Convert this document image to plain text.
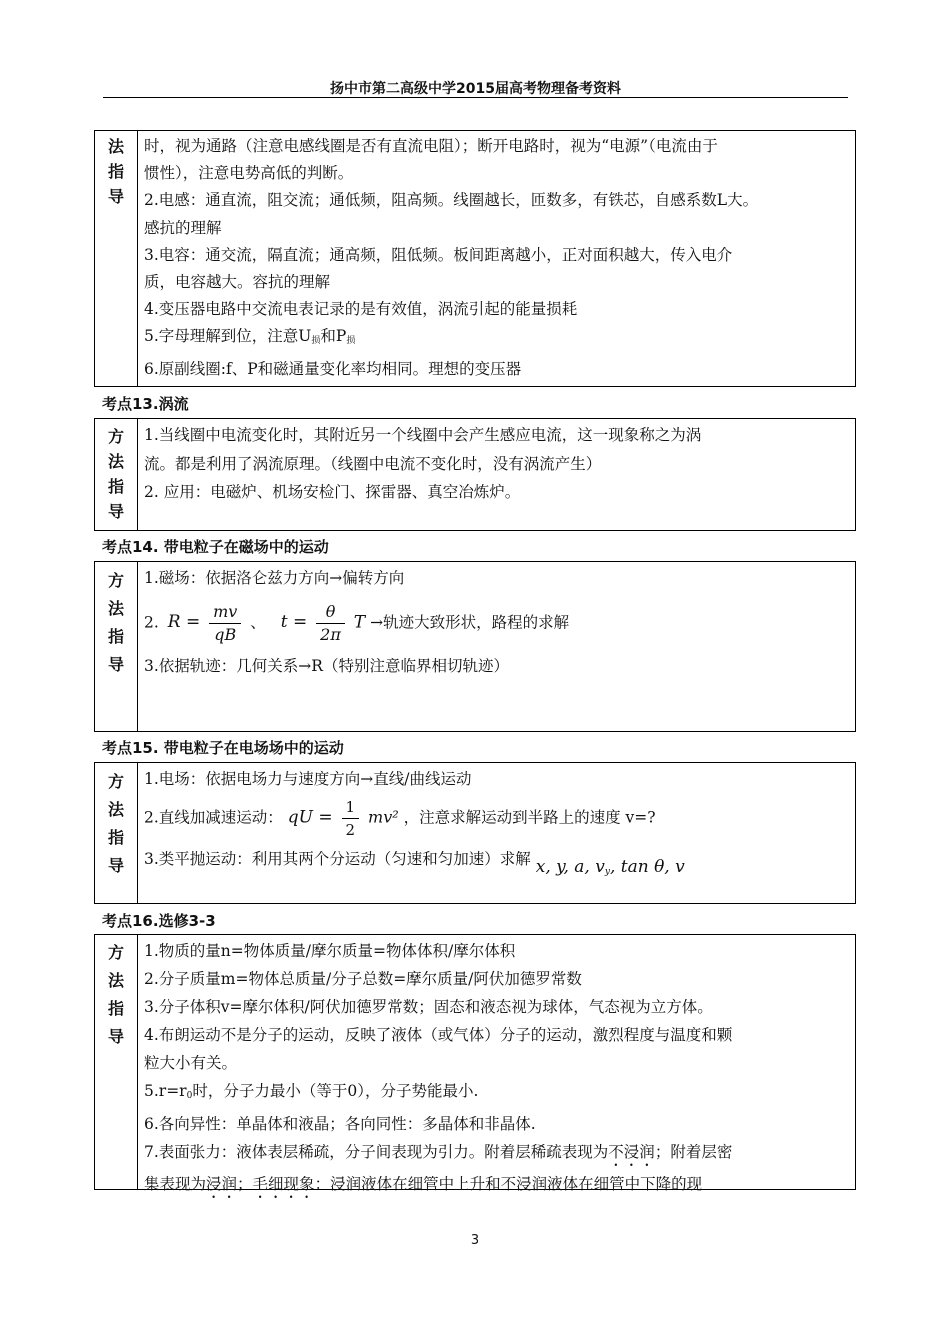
扬中市第二高级中学2015届高考物理备考资料
法
指
导
时，视为通路（注意电感线圈是否有直流电阻）；断开电路时，视为“电源”（电流由于
惯性），注意电势高低的判断。
2.电感：通直流，阻交流；通低频，阻高频。线圈越长，匝数多，有铁芯，自感系数L大。
感抗的理解
3.电容：通交流，隔直流；通高频，阻低频。板间距离越小，正对面积越大，传入电介
质，电容越大。容抗的理解
4.变压器电路中交流电表记录的是有效值，涡流引起的能量损耗
5.字母理解到位，注意$U_损$和$P_损$
6.原副线圈:f、P和磁通量变化率均相同。理想的变压器
考点13.涡流
方
法
指
导
1.当线圈中电流变化时，其附近另一个线圈中会产生感应电流，这一现象称之为涡
流。都是利用了涡流原理。（线圈中电流不变化时，没有涡流产生）
2. 应用：电磁炉、机场安检门、探雷器、真空冶炼炉。
考点14. 带电粒子在磁场中的运动
方
法
指
导
1.磁场：依据洛仑兹力方向→偏转方向
2. $R = \frac{mv}{qB}$ 、 $t = \frac{\theta}{2\pi}$ T →轨迹大致形状，路程的求解
3.依据轨迹：几何关系→R（特别注意临界相切轨迹）
考点15. 带电粒子在电场场中的运动
方
法
指
导
1.电场：依据电场力与速度方向→直线/曲线运动
2.直线加减速运动： qU = $\frac{1}{2} mv^2$ ，注意求解运动到半路上的速度 v=?
3.类平抛运动：利用其两个分运动（匀速和匀加速）求解 x, y, a, $v_y$, tan θ, v
考点16.选修3-3
方
法
指
导
1.物质的量n=物体质量/摩尔质量=物体体积/摩尔体积
2.分子质量m=物体总质量/分子总数=摩尔质量/阿伏加德罗常数
3.分子体积v=摩尔体积/阿伏加德罗常数；固态和液态视为球体，气态视为立方体。
4.布朗运动不是分子的运动，反映了液体（或气体）分子的运动，激烈程度与温度和颗
粒大小有关。
$5.r=r_0$时，分子力最小（等于0），分子势能最小.
6.各向异性：单晶体和液晶；各向同性：多晶体和非晶体.
7.表面张力：液体表层稀疏，分子间表现为引力。附着层稀疏表现为不浸润；附着层密
集表现为浸润；毛细现象：浸润液体在细管中上升和不浸润液体在细管中下降的现
3
